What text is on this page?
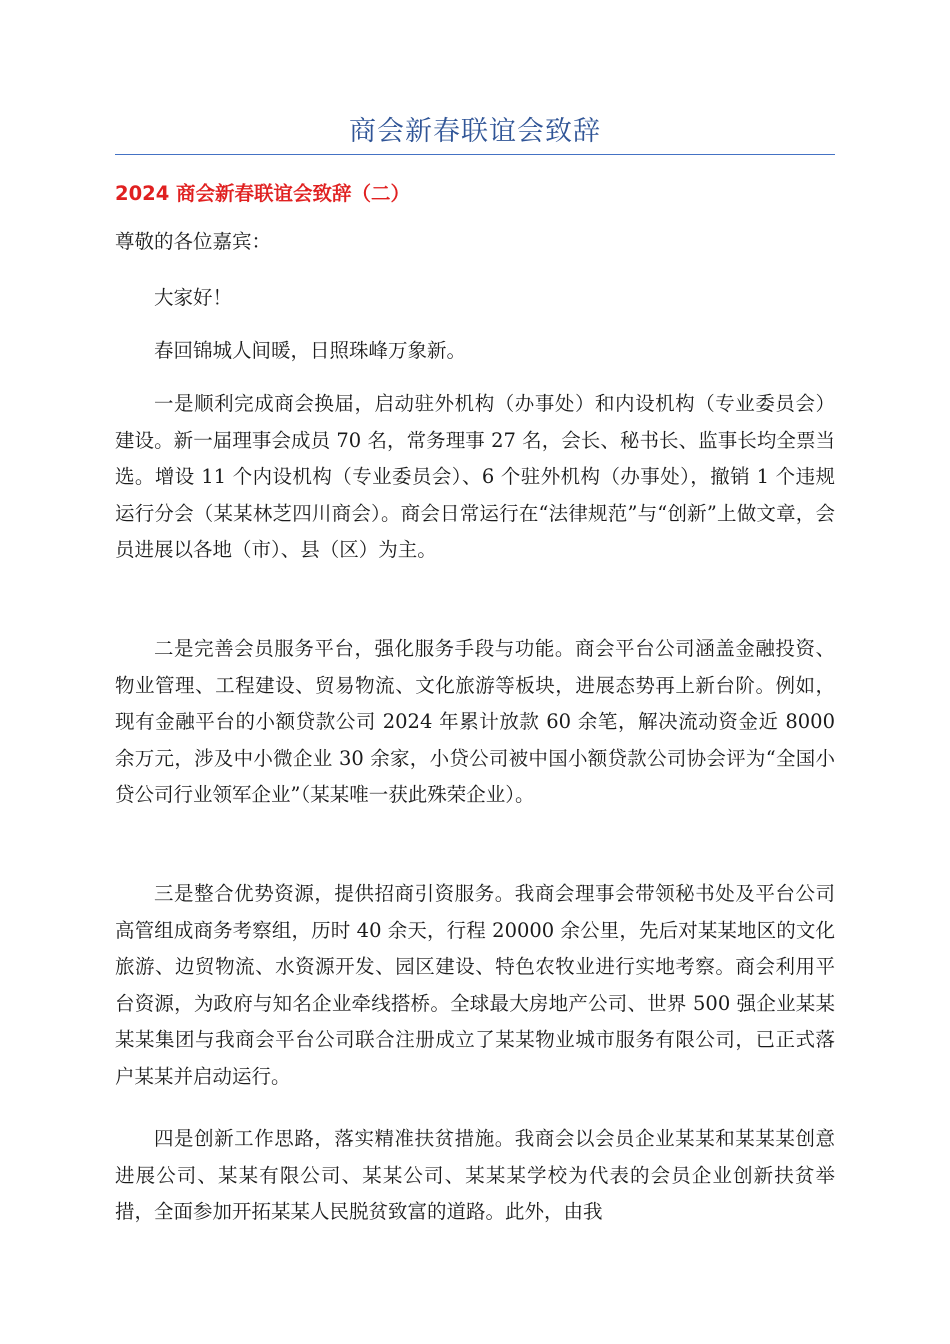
商会新春联谊会致辞
2024 商会新春联谊会致辞（二）

尊敬的各位嘉宾：

大家好！

春回锦城人间暖，日照珠峰万象新。

一是顺利完成商会换届，启动驻外机构（办事处）和内设机构（专业委员会）建设。新一届理事会成员 70 名，常务理事 27 名，会长、秘书长、监事长均全票当选。增设 11 个内设机构（专业委员会）、6 个驻外机构（办事处），撤销 1 个违规运行分会（某某林芝四川商会）。商会日常运行在“法律规范”与“创新”上做文章，会员进展以各地（市）、县（区）为主。

二是完善会员服务平台，强化服务手段与功能。商会平台公司涵盖金融投资、物业管理、工程建设、贸易物流、文化旅游等板块，进展态势再上新台阶。例如，现有金融平台的小额贷款公司 2024 年累计放款 60 余笔，解决流动资金近 8000 余万元，涉及中小微企业 30 余家，小贷公司被中国小额贷款公司协会评为“全国小贷公司行业领军企业”（某某唯一获此殊荣企业）。

三是整合优势资源，提供招商引资服务。我商会理事会带领秘书处及平台公司高管组成商务考察组，历时 40 余天，行程 20000 余公里，先后对某某地区的文化旅游、边贸物流、水资源开发、园区建设、特色农牧业进行实地考察。商会利用平台资源，为政府与知名企业牵线搭桥。全球最大房地产公司、世界 500 强企业某某某某集团与我商会平台公司联合注册成立了某某物业城市服务有限公司，已正式落户某某并启动运行。

四是创新工作思路，落实精准扶贫措施。我商会以会员企业某某和某某某创意进展公司、某某有限公司、某某公司、某某某学校为代表的会员企业创新扶贫举措，全面参加开拓某某人民脱贫致富的道路。此外，由我
